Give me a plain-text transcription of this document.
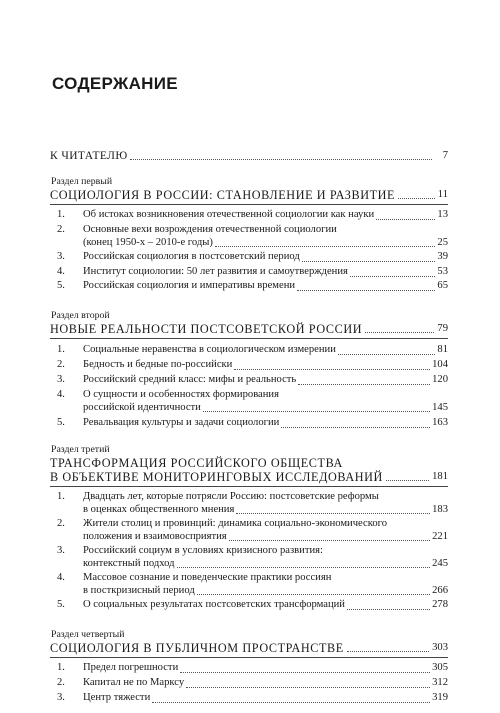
СОДЕРЖАНИЕ
К ЧИТАТЕЛЮ	7
Раздел первый
СОЦИОЛОГИЯ В РОССИИ: СТАНОВЛЕНИЕ И РАЗВИТИЕ	11
1. Об истоках возникновения отечественной социологии как науки	13
2. Основные вехи возрождения отечественной социологии
(конец 1950-х – 2010-е годы)	25
3. Российская социология в постсоветский период	39
4. Институт социологии: 50 лет развития и самоутверждения	53
5. Российская социология и императивы времени	65
Раздел второй
НОВЫЕ РЕАЛЬНОСТИ ПОСТСОВЕТСКОЙ РОССИИ	79
1. Социальные неравенства в социологическом измерении	81
2. Бедность и бедные по-российски	104
3. Российский средний класс: мифы и реальность	120
4. О сущности и особенностях формирования
российской идентичности	145
5. Ревальвация культуры и задачи социологии	163
Раздел третий
ТРАНСФОРМАЦИЯ РОССИЙСКОГО ОБЩЕСТВА
В ОБЪЕКТИВЕ МОНИТОРИНГОВЫХ ИССЛЕДОВАНИЙ	181
1. Двадцать лет, которые потрясли Россию: постсоветские реформы
в оценках общественного мнения	183
2. Жители столиц и провинций: динамика социально-экономического
положения и взаимовосприятия	221
3. Российский социум в условиях кризисного развития:
контекстный подход	245
4. Массовое сознание и поведенческие практики россиян
в посткризисный период	266
5. О социальных результатах постсоветских трансформаций	278
Раздел четвертый
СОЦИОЛОГИЯ В ПУБЛИЧНОМ ПРОСТРАНСТВЕ	303
1. Предел погрешности	305
2. Капитал не по Марксу	312
3. Центр тяжести	319
